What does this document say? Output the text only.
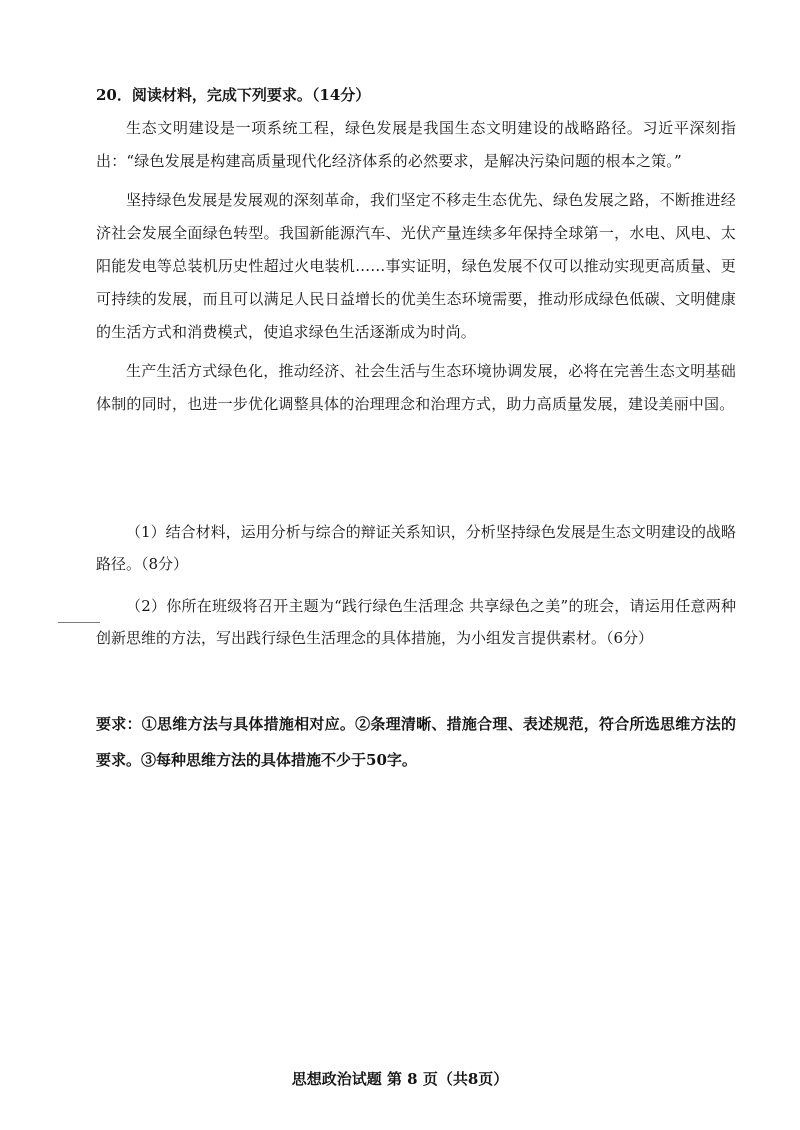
20．阅读材料，完成下列要求。（14分）

生态文明建设是一项系统工程，绿色发展是我国生态文明建设的战略路径。习近平深刻指出：“绿色发展是构建高质量现代化经济体系的必然要求，是解决污染问题的根本之策。”

坚持绿色发展是发展观的深刻革命，我们坚定不移走生态优先、绿色发展之路，不断推进经济社会发展全面绿色转型。我国新能源汽车、光伏产量连续多年保持全球第一，水电、风电、太阳能发电等总装机历史性超过火电装机……事实证明，绿色发展不仅可以推动实现更高质量、更可持续的发展，而且可以满足人民日益增长的优美生态环境需要，推动形成绿色低碳、文明健康的生活方式和消费模式，使追求绿色生活逐渐成为时尚。

生产生活方式绿色化，推动经济、社会生活与生态环境协调发展，必将在完善生态文明基础体制的同时，也进一步优化调整具体的治理理念和治理方式，助力高质量发展，建设美丽中国。

（1）结合材料，运用分析与综合的辩证关系知识，分析坚持绿色发展是生态文明建设的战略路径。（8分）

（2）你所在班级将召开主题为“践行绿色生活理念 共享绿色之美”的班会，请运用任意两种创新思维的方法，写出践行绿色生活理念的具体措施，为小组发言提供素材。（6分）

要求：①思维方法与具体措施相对应。②条理清晰、措施合理、表述规范，符合所选思维方法的要求。③每种思维方法的具体措施不少于50字。
思想政治试题 第 8 页（共8页）
